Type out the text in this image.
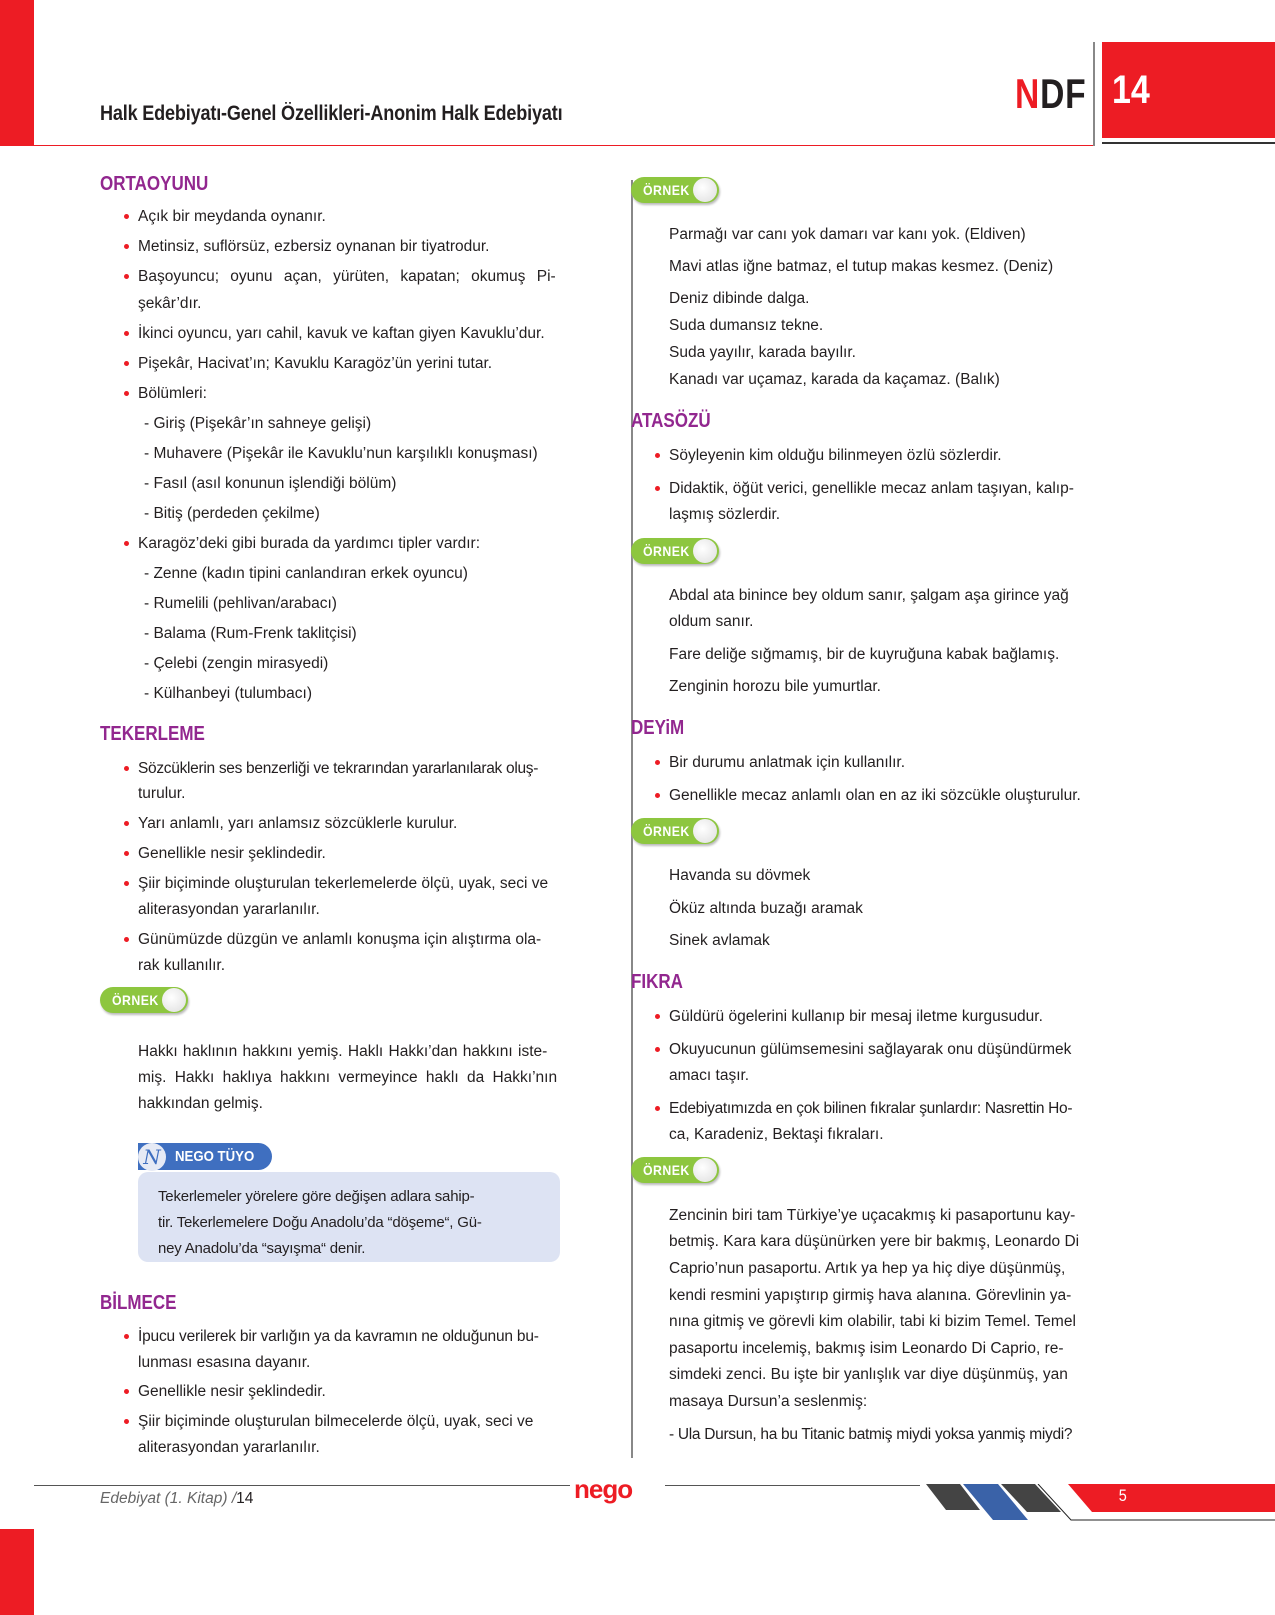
Halk Edebiyatı-Genel Özellikleri-Anonim Halk Edebiyatı	NDF 14
ORTAOYUNU
Açık bir meydanda oynanır.
Metinsiz, suflörsüz, ezbersiz oynanan bir tiyatrodur.
Başoyuncu; oyunu açan, yürüten, kapatan; okumuş Pi-
şekâr’dır.
İkinci oyuncu, yarı cahil, kavuk ve kaftan giyen Kavuklu’dur.
Pişekâr, Hacivat’ın; Kavuklu Karagöz’ün yerini tutar.
Bölümleri:
- Giriş (Pişekâr’ın sahneye gelişi)
- Muhavere (Pişekâr ile Kavuklu’nun karşılıklı konuşması)
- Fasıl (asıl konunun işlendiği bölüm)
- Bitiş (perdeden çekilme)
Karagöz’deki gibi burada da yardımcı tipler vardır:
- Zenne (kadın tipini canlandıran erkek oyuncu)
- Rumelili (pehlivan/arabacı)
- Balama (Rum-Frenk taklitçisi)
- Çelebi (zengin mirasyedi)
- Külhanbeyi (tulumbacı)
TEKERLEME
Sözcüklerin ses benzerliği ve tekrarından yararlanılarak oluş-
turulur.
Yarı anlamlı, yarı anlamsız sözcüklerle kurulur.
Genellikle nesir şeklindedir.
Şiir biçiminde oluşturulan tekerlemelerde ölçü, uyak, seci ve
aliterasyondan yararlanılır.
Günümüzde düzgün ve anlamlı konuşma için alıştırma ola-
rak kullanılır.
ÖRNEK
Hakkı haklının hakkını yemiş. Haklı Hakkı’dan hakkını iste-
miş. Hakkı haklıya hakkını vermeyince haklı da Hakkı’nın
hakkından gelmiş.
N NEGO TÜYO
Tekerlemeler yörelere göre değişen adlara sahip-
tir. Tekerlemelere Doğu Anadolu’da “döşeme“, Gü-
ney Anadolu’da “sayışma“ denir.
BİLMECE
İpucu verilerek bir varlığın ya da kavramın ne olduğunun bu-
lunması esasına dayanır.
Genellikle nesir şeklindedir.
Şiir biçiminde oluşturulan bilmecelerde ölçü, uyak, seci ve
aliterasyondan yararlanılır.
ÖRNEK
Parmağı var canı yok damarı var kanı yok. (Eldiven)
Mavi atlas iğne batmaz, el tutup makas kesmez. (Deniz)
Deniz dibinde dalga.
Suda dumansız tekne.
Suda yayılır, karada bayılır.
Kanadı var uçamaz, karada da kaçamaz. (Balık)
ATASÖZÜ
Söyleyenin kim olduğu bilinmeyen özlü sözlerdir.
Didaktik, öğüt verici, genellikle mecaz anlam taşıyan, kalıp-
laşmış sözlerdir.
ÖRNEK
Abdal ata binince bey oldum sanır, şalgam aşa girince yağ
oldum sanır.
Fare deliğe sığmamış, bir de kuyruğuna kabak bağlamış.
Zenginin horozu bile yumurtlar.
DEYiM
Bir durumu anlatmak için kullanılır.
Genellikle mecaz anlamlı olan en az iki sözcükle oluşturulur.
ÖRNEK
Havanda su dövmek
Öküz altında buzağı aramak
Sinek avlamak
FIKRA
Güldürü ögelerini kullanıp bir mesaj iletme kurgusudur.
Okuyucunun gülümsemesini sağlayarak onu düşündürmek
amacı taşır.
Edebiyatımızda en çok bilinen fıkralar şunlardır: Nasrettin Ho-
ca, Karadeniz, Bektaşi fıkraları.
ÖRNEK
Zencinin biri tam Türkiye’ye uçacakmış ki pasaportunu kay-
betmiş. Kara kara düşünürken yere bir bakmış, Leonardo Di
Caprio’nun pasaportu. Artık ya hep ya hiç diye düşünmüş,
kendi resmini yapıştırıp girmiş hava alanına. Görevlinin ya-
nına gitmiş ve görevli kim olabilir, tabi ki bizim Temel. Temel
pasaportu incelemiş, bakmış isim Leonardo Di Caprio, re-
simdeki zenci. Bu işte bir yanlışlık var diye düşünmüş, yan
masaya Dursun’a seslenmiş:
- Ula Dursun, ha bu Titanic batmiş miydi yoksa yanmiş miydi?
Edebiyat (1. Kitap) /14	nego	5
